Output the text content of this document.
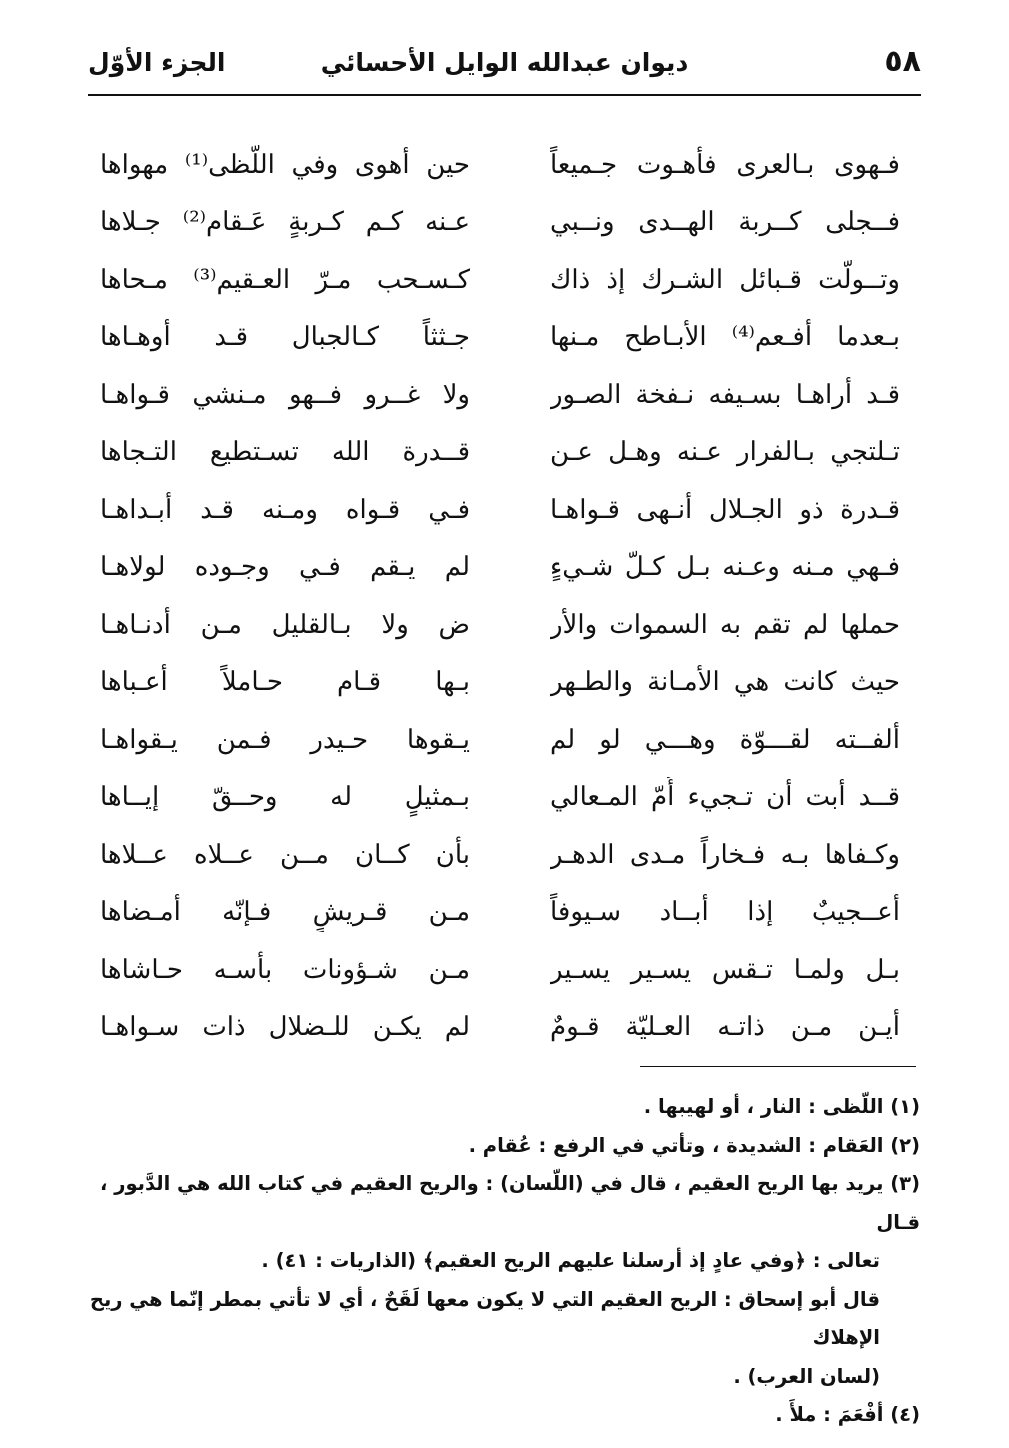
٥٨
ديوان عبدالله الوايل الأحسائي
الجزء الأوّل
فـهوى بـالعرى فأهـوت جـميعاً
حين أهوى وفي اللّظى⁽¹⁾ مهواها
فــجلى كــربة الهــدى ونــبي
عـنه كـم كـربةٍ عَـقام⁽²⁾ جـلاها
وتــولّت قـبائل الشـرك إذ ذاك
كـسـحب مـرّ العـقيم⁽³⁾ مـحاها
بـعدما أفـعم⁽⁴⁾ الأبـاطح مـنها
جـثثاً كـالجبال قـد أوهـاها
قـد أراهـا بسـيفه نـفخة الصـور
ولا غــرو فــهو مـنشي قـواهـا
تـلتجي بـالفرار عـنه وهـل عـن
قــدرة الله تسـتطيع التـجاها
قـدرة ذو الجـلال أنـهى قـواهـا
فـي قـواه ومـنه قـد أبـداهـا
فـهي مـنه وعـنه بـل كـلّ شـيءٍ
لم يـقم فـي وجـوده لولاهـا
حملها لم تقم به السموات والأر
ض ولا بـالقليل مـن أدنـاهـا
حيث كانت هي الأمـانة والطـهر
بـها قـام حـاملاً أعـباها
ألفــته لقـــوّة وهـــي لو لم
يـقوها حـيدر فـمن يـقواهـا
قــد أبت أن تـجيء أُمّ المـعالي
بـمثيلٍ له وحــقّ إيــاها
وكـفاها بـه فـخاراً مـدى الدهـر
بأن كــان مــن عــلاه عــلاها
أعــجيبٌ إذا أبــاد سـيوفاً
مـن قـريشٍ فـإنّه أمـضاها
بـل ولمـا تـقس يسـير يسـير
مـن شـؤونات بأسـه حـاشاها
أيـن مـن ذاتـه العـليّة قـومٌ
لم يكـن للـضلال ذات سـواهـا

(١) اللّظى : النار ، أو لهيبها .

(٢) العَقام : الشديدة ، وتأتي في الرفع : عُقام .

(٣) يريد بها الريح العقيم ، قال في (اللّسان) : والريح العقيم في كتاب الله هي الدَّبور ، قـال

تعالى : ﴿وفي عادٍ إذ أرسلنا عليهم الريح العقيم﴾ (الذاريات : ٤١) .

قال أبو إسحاق : الريح العقيم التي لا يكون معها لَقَحٌ ، أي لا تأتي بمطر إنّما هي ريح الإهلاك

(لسان العرب) .

(٤) أفْعَمَ : ملأَ .
